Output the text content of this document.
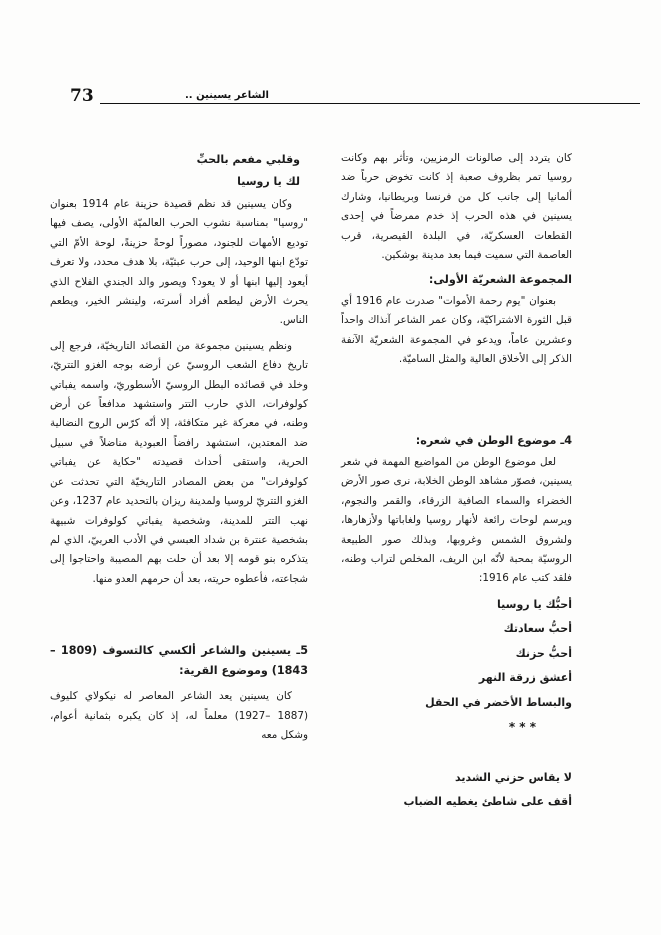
73	الشاعر يسينين ..

كان يتردد إلى صالونات الرمزيين، وتأثر بهم وكانت روسيا تمر بظروف صعبة إذ كانت تخوض حرباً ضد ألمانيا إلى جانب كل من فرنسا وبريطانيا، وشارك يسينين في هذه الحرب إذ خدم ممرضاً في إحدى القطعات العسكريّة، في البلدة القيصرية، قرب العاصمة التي سميت فيما بعد مدينة بوشكين.

المجموعة الشعريّة الأولى:

بعنوان "يوم رحمة الأموات" صدرت عام 1916 أي قبل الثورة الاشتراكيّة، وكان عمر الشاعر آنذاك واحداً وعشرين عاماً، ويدعو في المجموعة الشعريّة الآنفة الذكر إلى الأخلاق العالية والمثل الساميّة.

4ـ موضوع الوطن في شعره:

لعل موضوع الوطن من المواضيع المهمة في شعر يسينين، فصوّر مشاهد الوطن الخلابة، نرى صور الأرض الخضراء والسماء الصافية الزرقاء، والقمر والنجوم، ويرسم لوحات رائعة لأنهار روسيا ولغاباتها ولأزهارها، ولشروق الشمس وغروبها، وبذلك صور الطبيعة الروسيّة بمحبة لأنّه ابن الريف، المخلص لتراب وطنه، فلقد كتب عام 1916:

أحبُّك يا روسيا

أحبُّ سعادتك

أحبُّ حزنك

أعشق زرقة النهر

والبساط الأخضر في الحقل

* * *

لا يقاس حزني الشديد

أقف على شاطئ يغطيه الضباب

وقلبي مفعم بالحبِّ

لك يا روسيا

وكان يسينين قد نظم قصيدة حزينة عام 1914 بعنوان "روسيا" بمناسبة نشوب الحرب العالميّة الأولى، يصف فيها توديع الأمهات للجنود، مصوراً لوحةً حزينةً، لوحة الأمّ التي تودّع ابنها الوحيد، إلى حرب عبثيّة، بلا هدف محدد، ولا تعرف أيعود إليها ابنها أو لا يعود؟ ويصور والد الجندي الفلاح الذي يحرث الأرض ليطعم أفراد أسرته، ولينشر الخير، ويطعم الناس.

ونظم يسينين مجموعة من القصائد التاريخيّة، فرجع إلى تاريخ دفاع الشعب الروسيّ عن أرضه بوجه الغزو التتريّ، وخلد في قصائده البطل الروسيّ الأسطوريّ، واسمه يفباتي كولوفرات، الذي حارب التتر واستشهد مدافعاً عن أرض وطنه، في معركة غير متكافئة، إلا أنّه كرّس الروح النضالية ضد المعتدين، استشهد رافضاً العبودية مناضلاً في سبيل الحرية، واستقى أحداث قصيدته "حكاية عن يفباتي كولوفرات" من بعض المصادر التاريخيّة التي تحدثت عن الغزو التتريّ لروسيا ولمدينة ريزان بالتحديد عام 1237، وعن نهب التتر للمدينة، وشخصية يفباتي كولوفرات شبيهة بشخصية عنترة بن شداد العبسي في الأدب العربيّ، الذي لم يتذكره بنو قومه إلا بعد أن حلت بهم المصيبة واحتاجوا إلى شجاعته، فأعطوه حريته، بعد أن حرمهم العدو منها.

5ـ يسينين والشاعر ألكسي كالتسوف (1809 – 1843) وموضوع القرية:

كان يسينين يعد الشاعر المعاصر له نيكولاي كليوف (1887 –1927) معلماً له، إذ كان يكبره بثمانية أعوام، وشكل معه
